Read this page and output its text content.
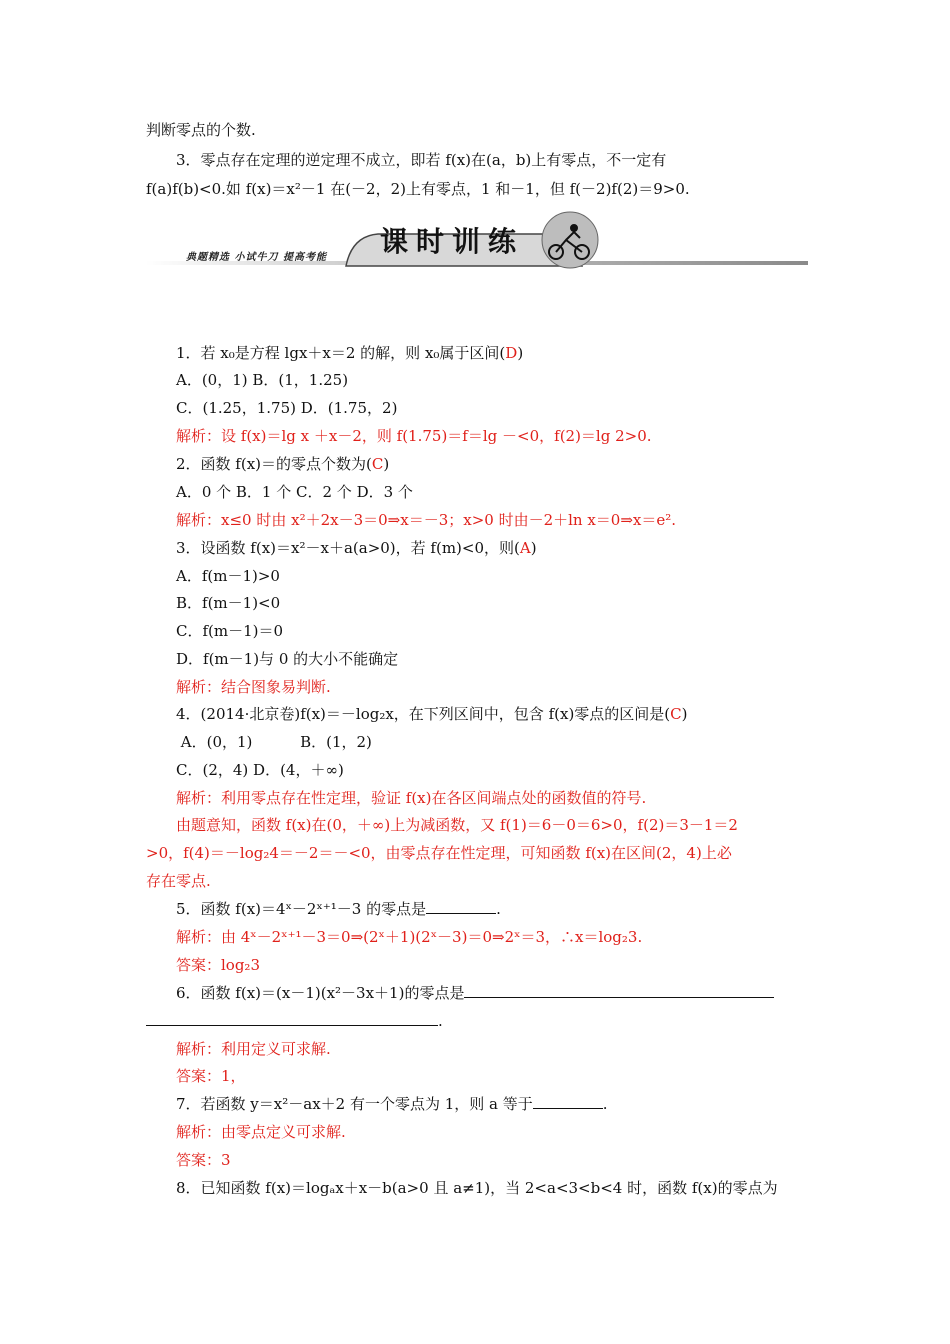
判断零点的个数.
3．零点存在定理的逆定理不成立，即若 f(x)在(a，b)上有零点，不一定有
f(a)f(b)<0.如 f(x)＝x²－1 在(－2，2)上有零点，1 和－1，但 f(－2)f(2)＝9>0.
典题精选 小试牛刀 提高考能 课时训练
1．若 x₀是方程 lgx＋x＝2 的解，则 x₀属于区间(D)
A．(0，1) B．(1，1.25)
C．(1.25，1.75) D．(1.75，2)
解析：设 f(x)＝lg x ＋x－2，则 f(1.75)＝f＝lg －<0，f(2)＝lg 2>0.
2．函数 f(x)＝的零点个数为(C)
A．0 个 B．1 个 C．2 个 D．3 个
解析：x≤0 时由 x²＋2x－3＝0⇒x＝－3；x>0 时由－2＋ln x＝0⇒x＝e².
3．设函数 f(x)＝x²－x＋a(a>0)，若 f(m)<0，则(A)
A．f(m－1)>0
B．f(m－1)<0
C．f(m－1)＝0
D．f(m－1)与 0 的大小不能确定
解析：结合图象易判断.
4．(2014·北京卷)f(x)＝－log₂x，在下列区间中，包含 f(x)零点的区间是(C)
A．(0，1)          B．(1，2)
C．(2，4) D．(4，＋∞)
解析：利用零点存在性定理，验证 f(x)在各区间端点处的函数值的符号.
由题意知，函数 f(x)在(0，＋∞)上为减函数，又 f(1)＝6－0＝6>0，f(2)＝3－1＝2
>0，f(4)＝－log₂4＝－2＝－<0，由零点存在性定理，可知函数 f(x)在区间(2，4)上必
存在零点.
5．函数 f(x)＝4ˣ－2ˣ⁺¹－3 的零点是	.
解析：由 4ˣ－2ˣ⁺¹－3＝0⇒(2ˣ＋1)(2ˣ－3)＝0⇒2ˣ＝3，∴x＝log₂3.
答案：log₂3
6．函数 f(x)＝(x－1)(x²－3x＋1)的零点是
.
解析：利用定义可求解.
答案：1，
7．若函数 y＝x²－ax＋2 有一个零点为 1，则 a 等于	.
解析：由零点定义可求解.
答案：3
8．已知函数 f(x)＝logₐx＋x－b(a>0 且 a≠1)，当 2<a<3<b<4 时，函数 f(x)的零点为
